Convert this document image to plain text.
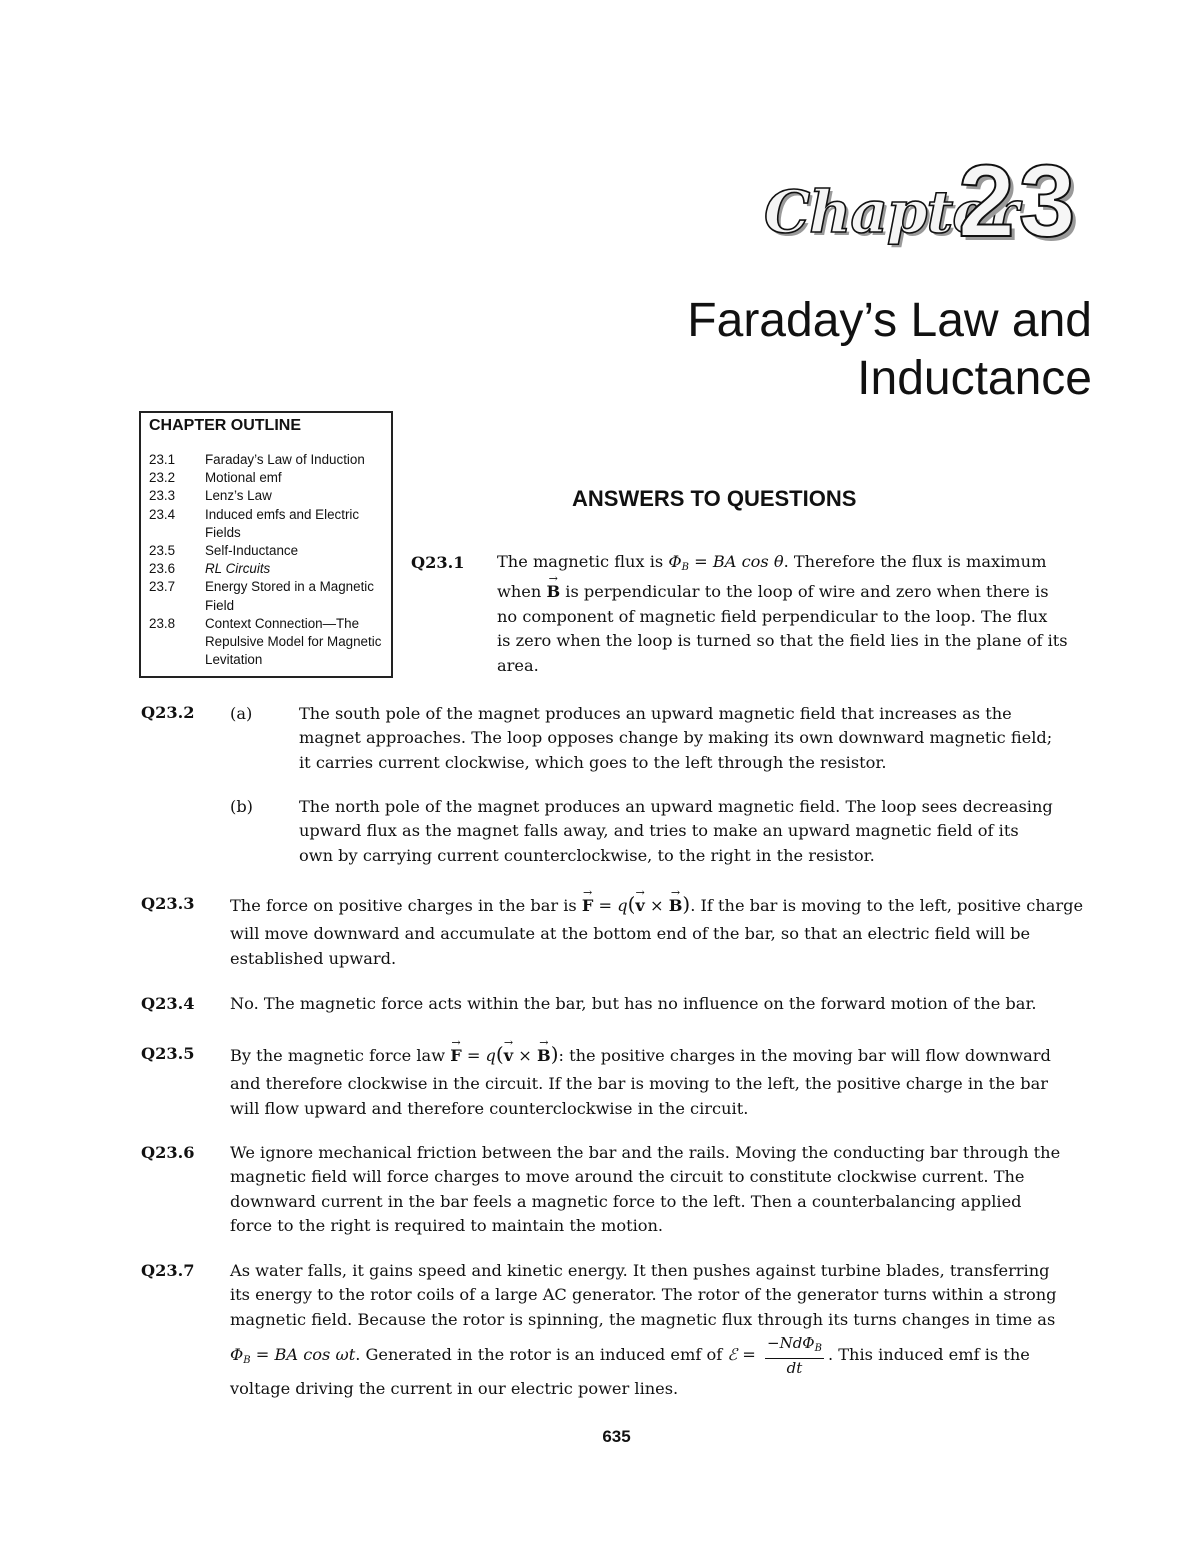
Chapter
23
Faraday’s Law and
Inductance
CHAPTER OUTLINE
23.1	Faraday’s Law of Induction
23.2	Motional emf
23.3	Lenz’s Law
23.4	Induced emfs and Electric Fields
23.5	Self-Inductance
23.6	RL Circuits
23.7	Energy Stored in a Magnetic Field
23.8	Context Connection—The Repulsive Model for Magnetic Levitation
ANSWERS TO QUESTIONS
Q23.1 The magnetic flux is $\Phi_B$ = BA cos θ. Therefore the flux is maximum
when → B is perpendicular to the loop of wire and zero when there is
no component of magnetic field perpendicular to the loop. The flux
is zero when the loop is turned so that the field lies in the plane of its
area.
Q23.2 (a)	The south pole of the magnet produces an upward magnetic field that increases as the
magnet approaches. The loop opposes change by making its own downward magnetic field;
it carries current clockwise, which goes to the left through the resistor.
(b)	The north pole of the magnet produces an upward magnetic field. The loop sees decreasing
upward flux as the magnet falls away, and tries to make an upward magnetic field of its
own by carrying current counterclockwise, to the right in the resistor.
Q23.3 The force on positive charges in the bar is → F = q(→ v × → B). If the bar is moving to the left, positive charge
will move downward and accumulate at the bottom end of the bar, so that an electric field will be
established upward.
Q23.4 No. The magnetic force acts within the bar, but has no influence on the forward motion of the bar.
Q23.5 By the magnetic force law → F = q(→ v × → B): the positive charges in the moving bar will flow downward
and therefore clockwise in the circuit. If the bar is moving to the left, the positive charge in the bar
will flow upward and therefore counterclockwise in the circuit.
Q23.6 We ignore mechanical friction between the bar and the rails. Moving the conducting bar through the
magnetic field will force charges to move around the circuit to constitute clockwise current. The
downward current in the bar feels a magnetic force to the left. Then a counterbalancing applied
force to the right is required to maintain the motion.
Q23.7 As water falls, it gains speed and kinetic energy. It then pushes against turbine blades, transferring
its energy to the rotor coils of a large AC generator. The rotor of the generator turns within a strong
magnetic field. Because the rotor is spinning, the magnetic flux through its turns changes in time as
$\Phi_B$ = BA cos ωt. Generated in the rotor is an induced emf of ℰ = $\frac{-Nd\Phi_B}{dt}$ . This induced emf is the
voltage driving the current in our electric power lines.
635
